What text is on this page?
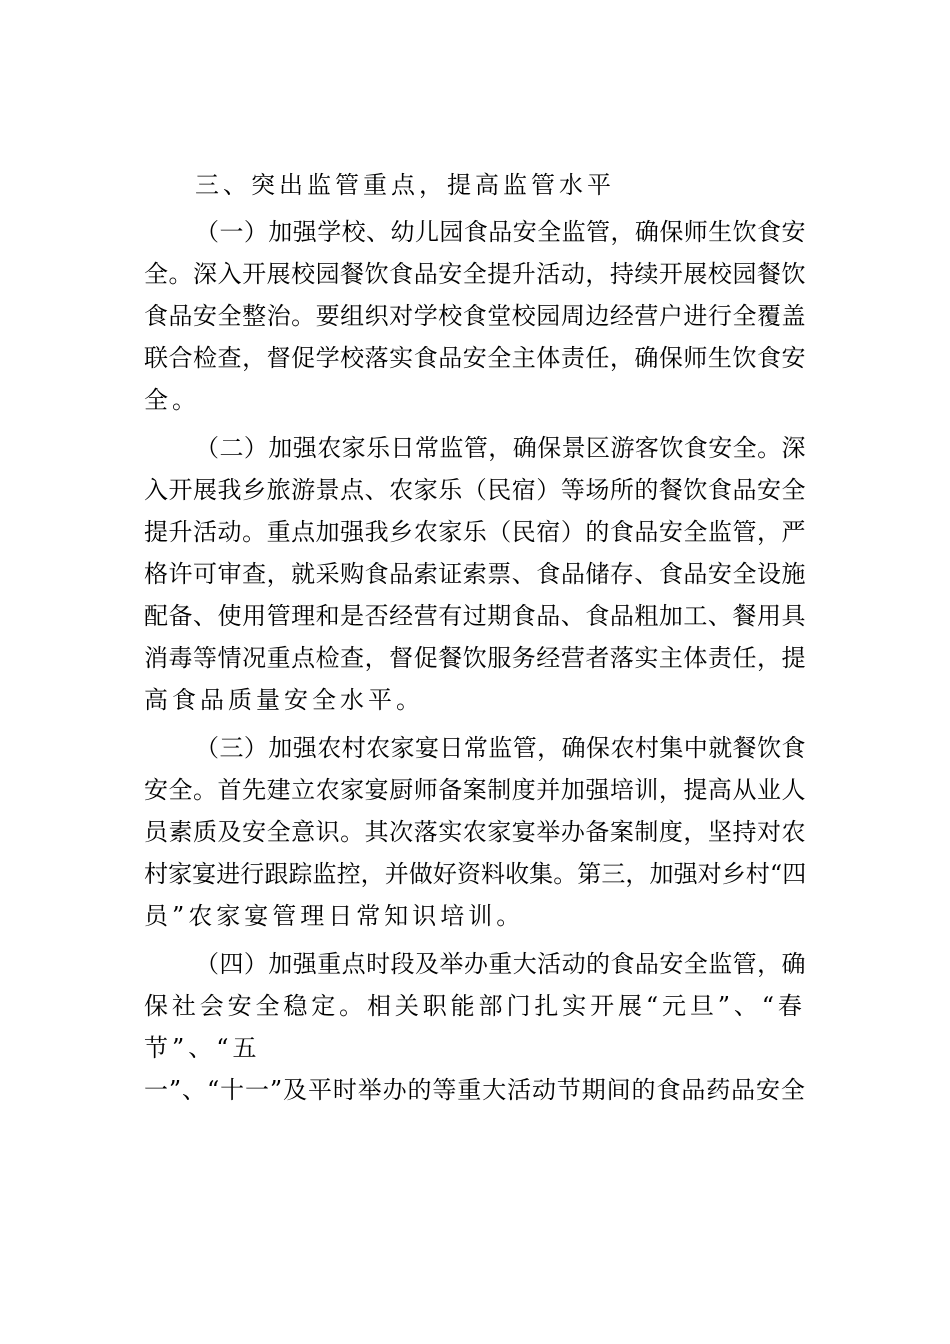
三、突出监管重点，提高监管水平
（一）加强学校、幼儿园食品安全监管，确保师生饮食安
全。深入开展校园餐饮食品安全提升活动，持续开展校园餐饮
食品安全整治。要组织对学校食堂校园周边经营户进行全覆盖
联合检查，督促学校落实食品安全主体责任，确保师生饮食安
全。
（二）加强农家乐日常监管，确保景区游客饮食安全。深
入开展我乡旅游景点、农家乐（民宿）等场所的餐饮食品安全
提升活动。重点加强我乡农家乐（民宿）的食品安全监管，严
格许可审查，就采购食品索证索票、食品储存、食品安全设施
配备、使用管理和是否经营有过期食品、食品粗加工、餐用具
消毒等情况重点检查，督促餐饮服务经营者落实主体责任，提
高食品质量安全水平。
（三）加强农村农家宴日常监管，确保农村集中就餐饮食
安全。首先建立农家宴厨师备案制度并加强培训，提高从业人
员素质及安全意识。其次落实农家宴举办备案制度，坚持对农
村家宴进行跟踪监控，并做好资料收集。第三，加强对乡村“四
员”农家宴管理日常知识培训。
（四）加强重点时段及举办重大活动的食品安全监管，确
保社会安全稳定。相关职能部门扎实开展“元旦”、“春
节”、“五
一”、“十一”及平时举办的等重大活动节期间的食品药品安全
